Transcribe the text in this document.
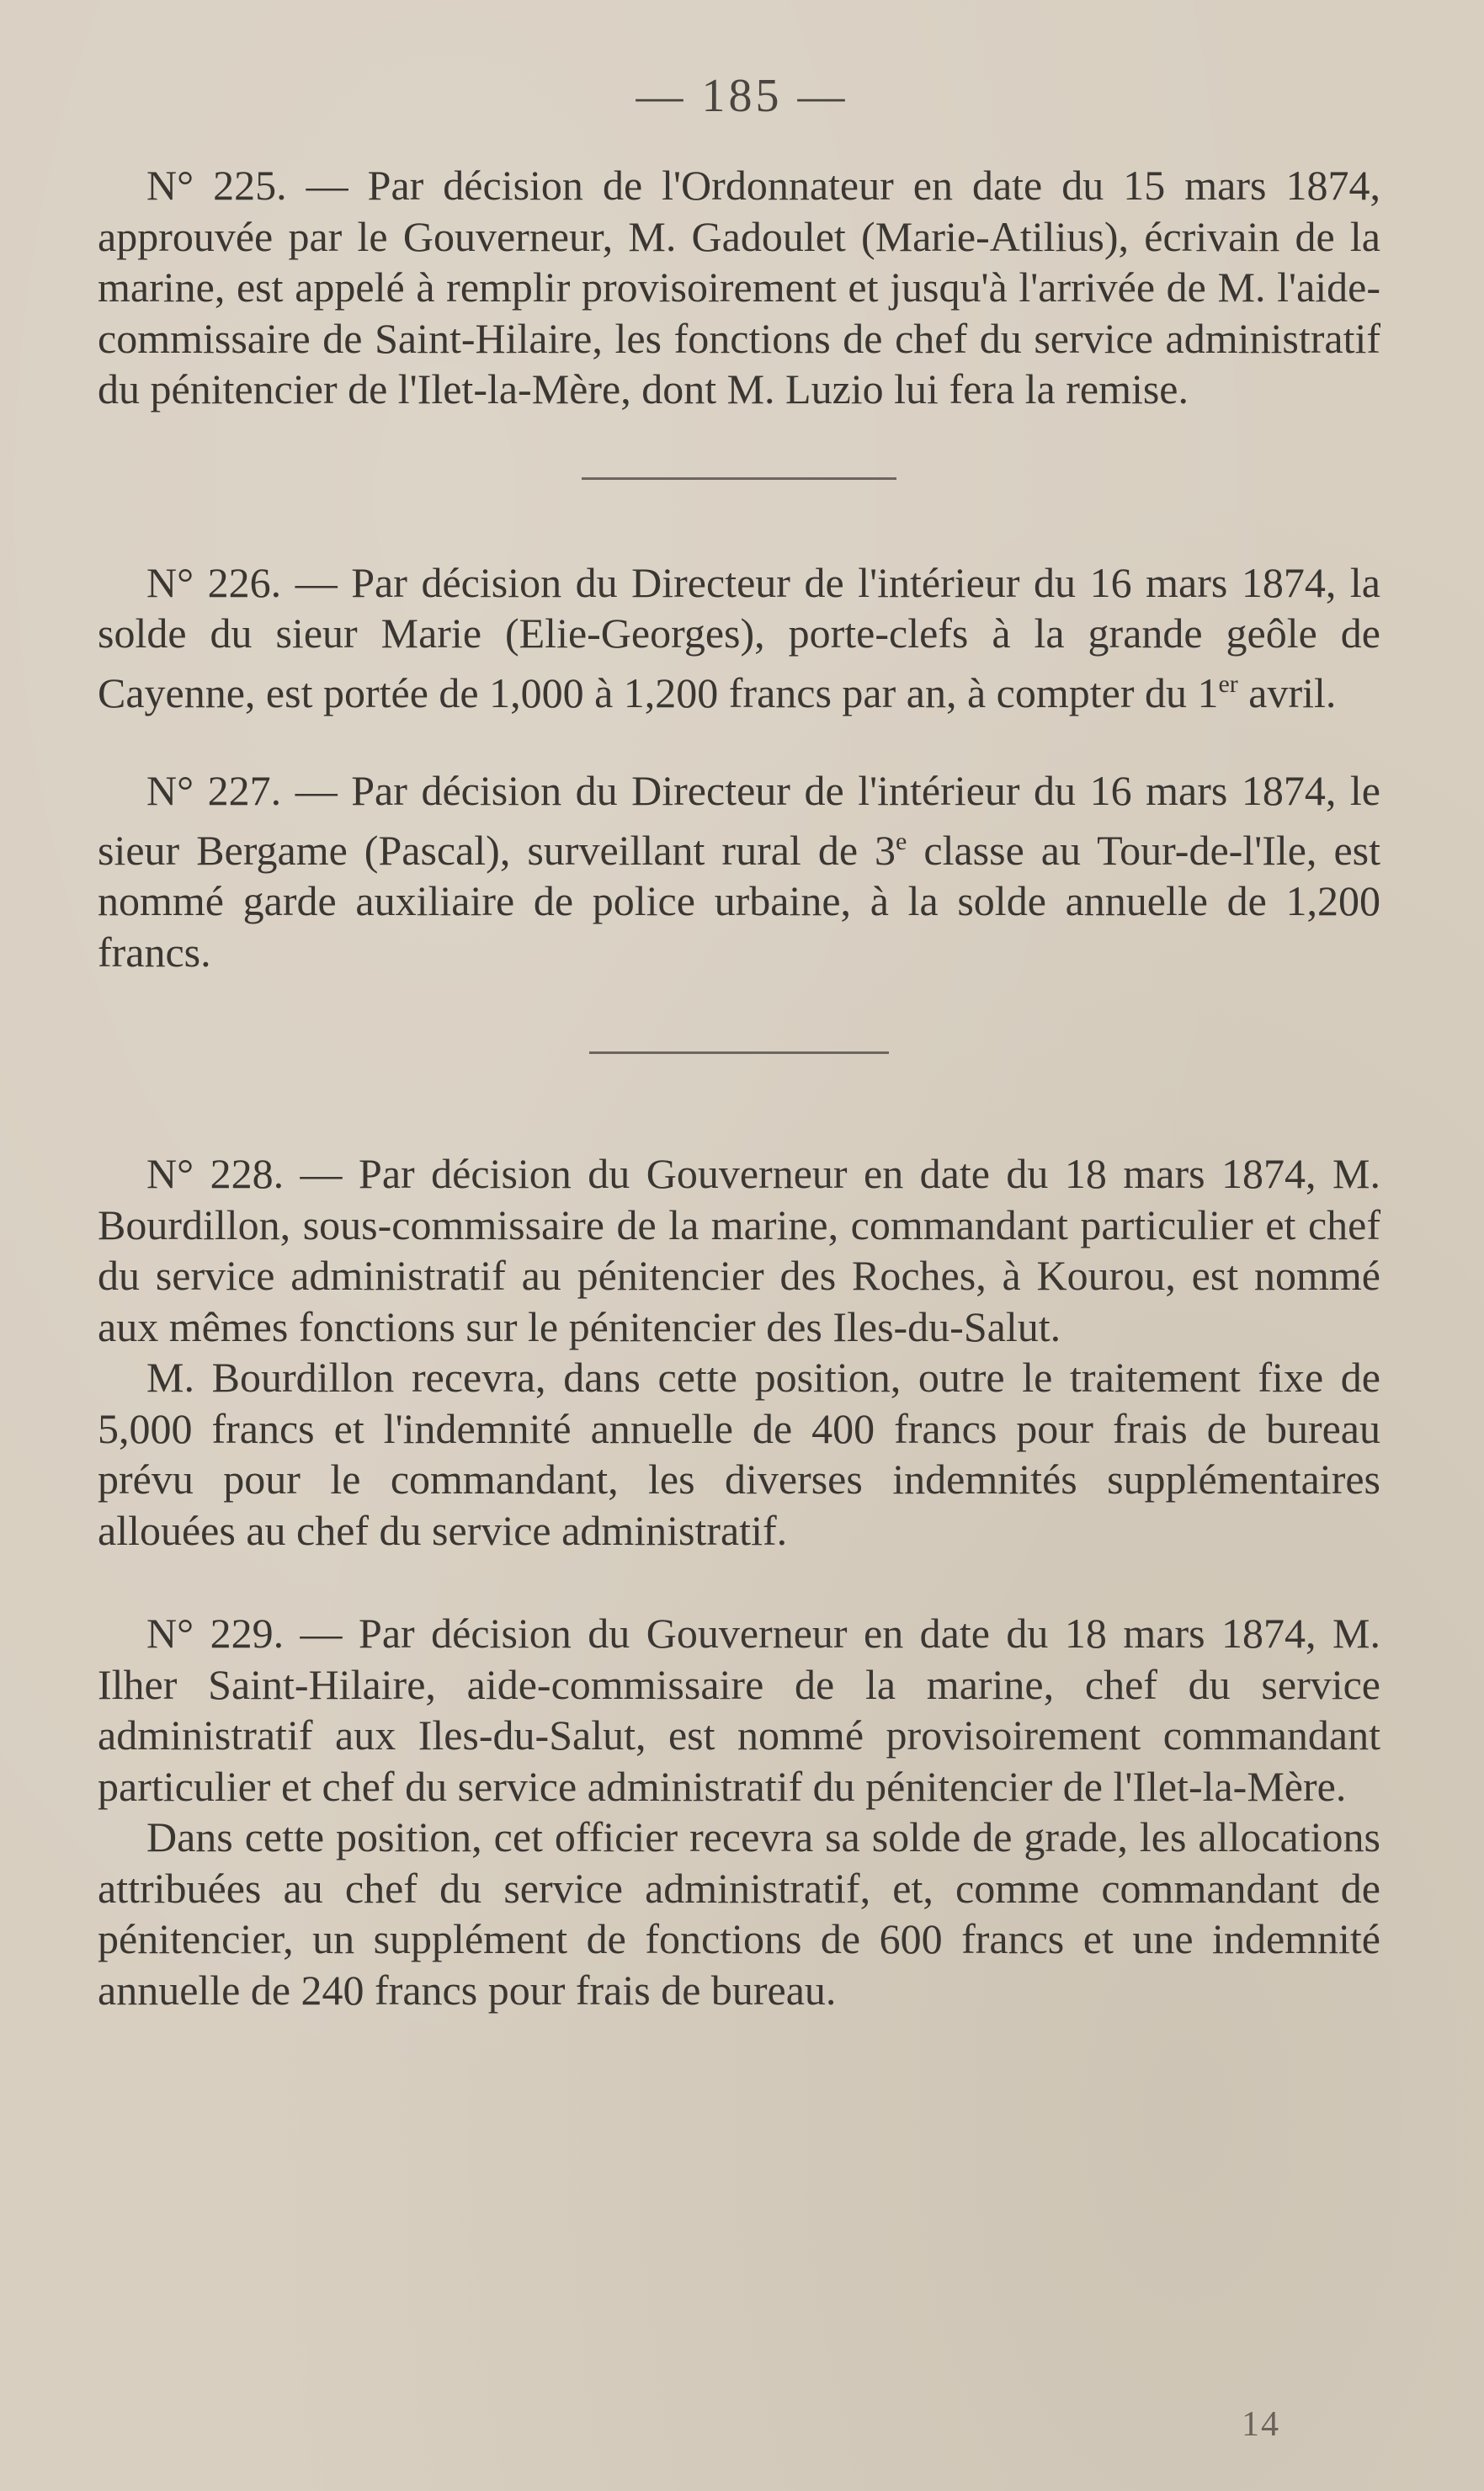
— 185 —

N° 225. — Par décision de l'Ordonnateur en date du 15 mars 1874, approuvée par le Gouverneur, M. Gadoulet (Marie-Atilius), écrivain de la marine, est appelé à remplir provisoirement et jusqu'à l'arrivée de M. l'aide-commissaire de Saint-Hilaire, les fonctions de chef du service administratif du pénitencier de l'Ilet-la-Mère, dont M. Luzio lui fera la remise.

N° 226. — Par décision du Directeur de l'intérieur du 16 mars 1874, la solde du sieur Marie (Elie-Georges), porte-clefs à la grande geôle de Cayenne, est portée de 1,000 à 1,200 francs par an, à compter du 1er avril.

N° 227. — Par décision du Directeur de l'intérieur du 16 mars 1874, le sieur Bergame (Pascal), surveillant rural de 3e classe au Tour-de-l'Ile, est nommé garde auxiliaire de police urbaine, à la solde annuelle de 1,200 francs.

N° 228. — Par décision du Gouverneur en date du 18 mars 1874, M. Bourdillon, sous-commissaire de la marine, commandant particulier et chef du service administratif au pénitencier des Roches, à Kourou, est nommé aux mêmes fonctions sur le pénitencier des Iles-du-Salut.

M. Bourdillon recevra, dans cette position, outre le traitement fixe de 5,000 francs et l'indemnité annuelle de 400 francs pour frais de bureau prévu pour le commandant, les diverses indemnités supplémentaires allouées au chef du service administratif.

N° 229. — Par décision du Gouverneur en date du 18 mars 1874, M. Ilher Saint-Hilaire, aide-commissaire de la marine, chef du service administratif aux Iles-du-Salut, est nommé provisoirement commandant particulier et chef du service administratif du pénitencier de l'Ilet-la-Mère.

Dans cette position, cet officier recevra sa solde de grade, les allocations attribuées au chef du service administratif, et, comme commandant de pénitencier, un supplément de fonctions de 600 francs et une indemnité annuelle de 240 francs pour frais de bureau.

14
